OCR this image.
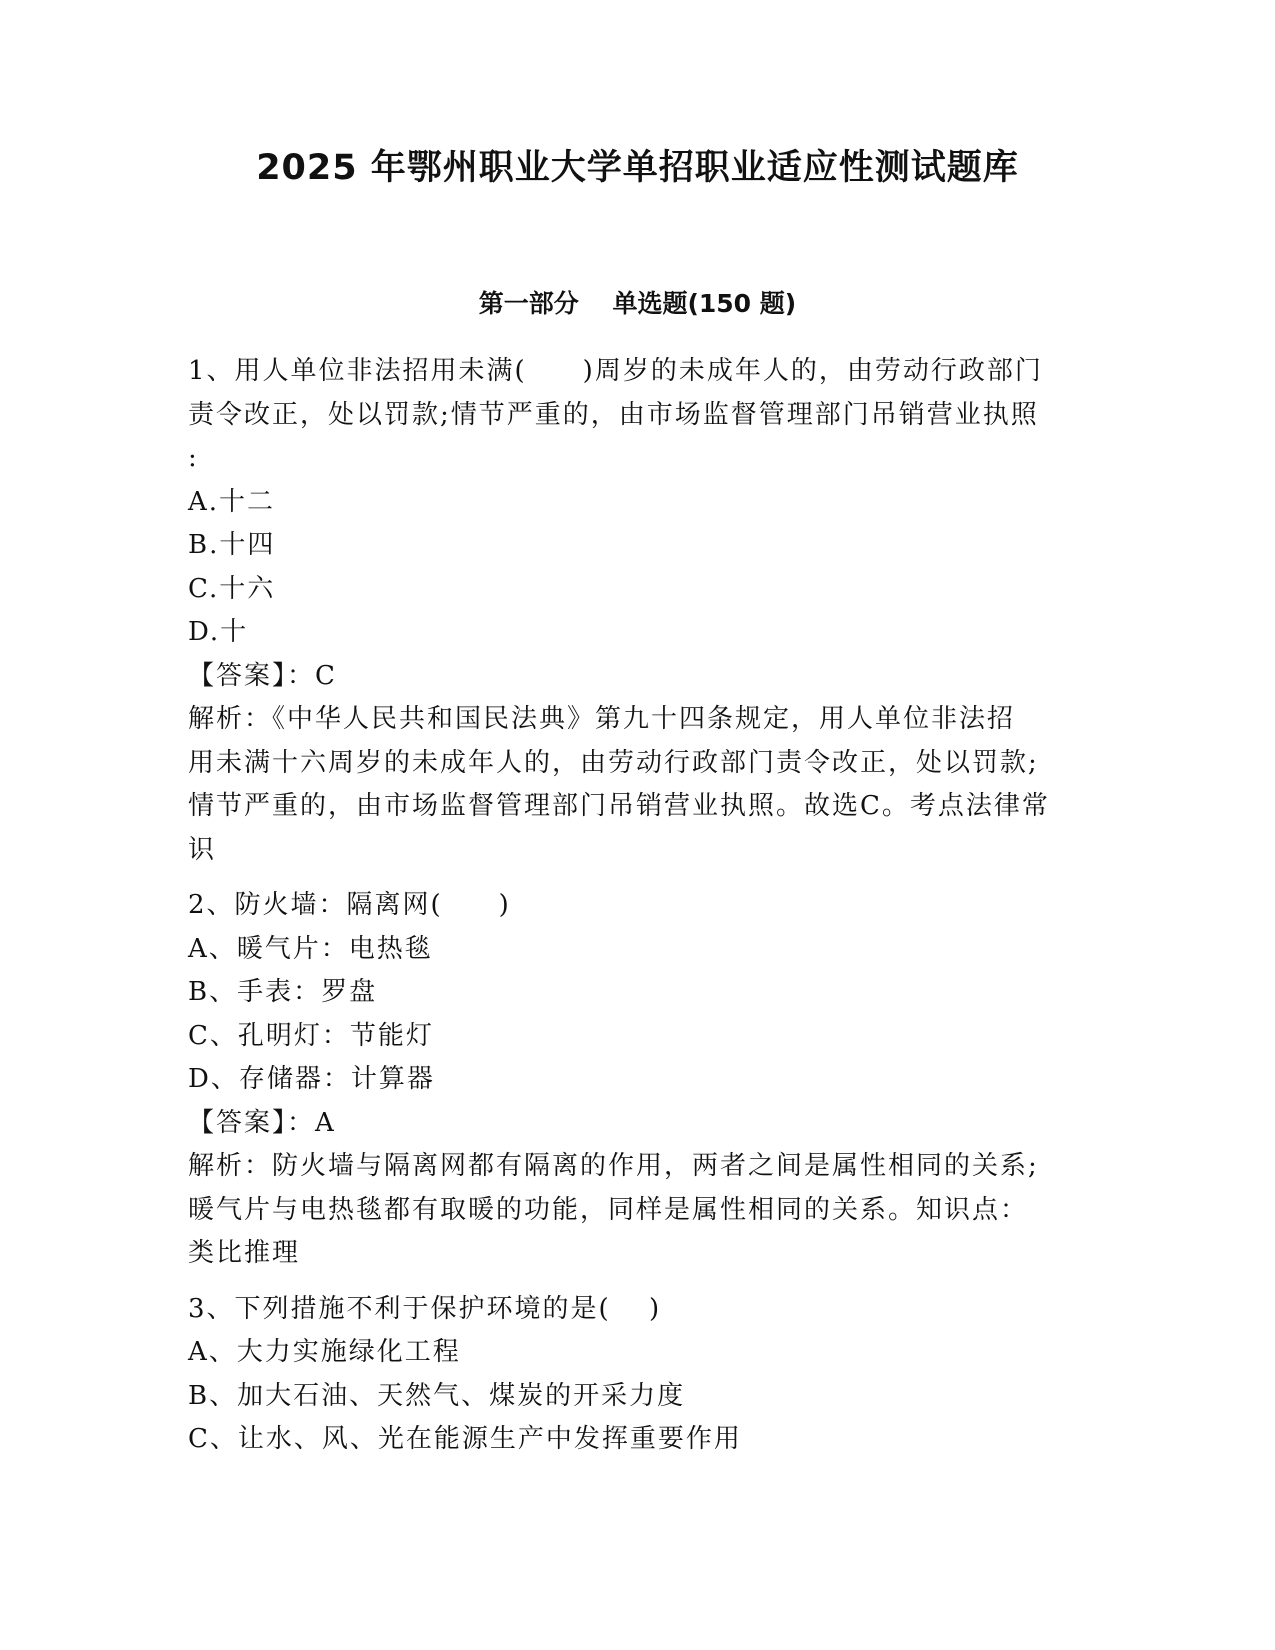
2025 年鄂州职业大学单招职业适应性测试题库
第一部分　 单选题(150 题)
1、用人单位非法招用未满(　　)周岁的未成年人的，由劳动行政部门
责令改正，处以罚款;情节严重的，由市场监督管理部门吊销营业执照
:
A.十二
B.十四
C.十六
D.十
【答案】：C
解析：《中华人民共和国民法典》第九十四条规定，用人单位非法招
用未满十六周岁的未成年人的，由劳动行政部门责令改正，处以罚款;
情节严重的，由市场监督管理部门吊销营业执照。故选C。考点法律常
识
2、防火墙：隔离网(　　)
A、暖气片：电热毯
B、手表：罗盘
C、孔明灯：节能灯
D、存储器：计算器
【答案】：A
解析：防火墙与隔离网都有隔离的作用，两者之间是属性相同的关系;
暖气片与电热毯都有取暖的功能，同样是属性相同的关系。知识点：
类比推理
3、下列措施不利于保护环境的是(　 )
A、大力实施绿化工程
B、加大石油、天然气、煤炭的开采力度
C、让水、风、光在能源生产中发挥重要作用
